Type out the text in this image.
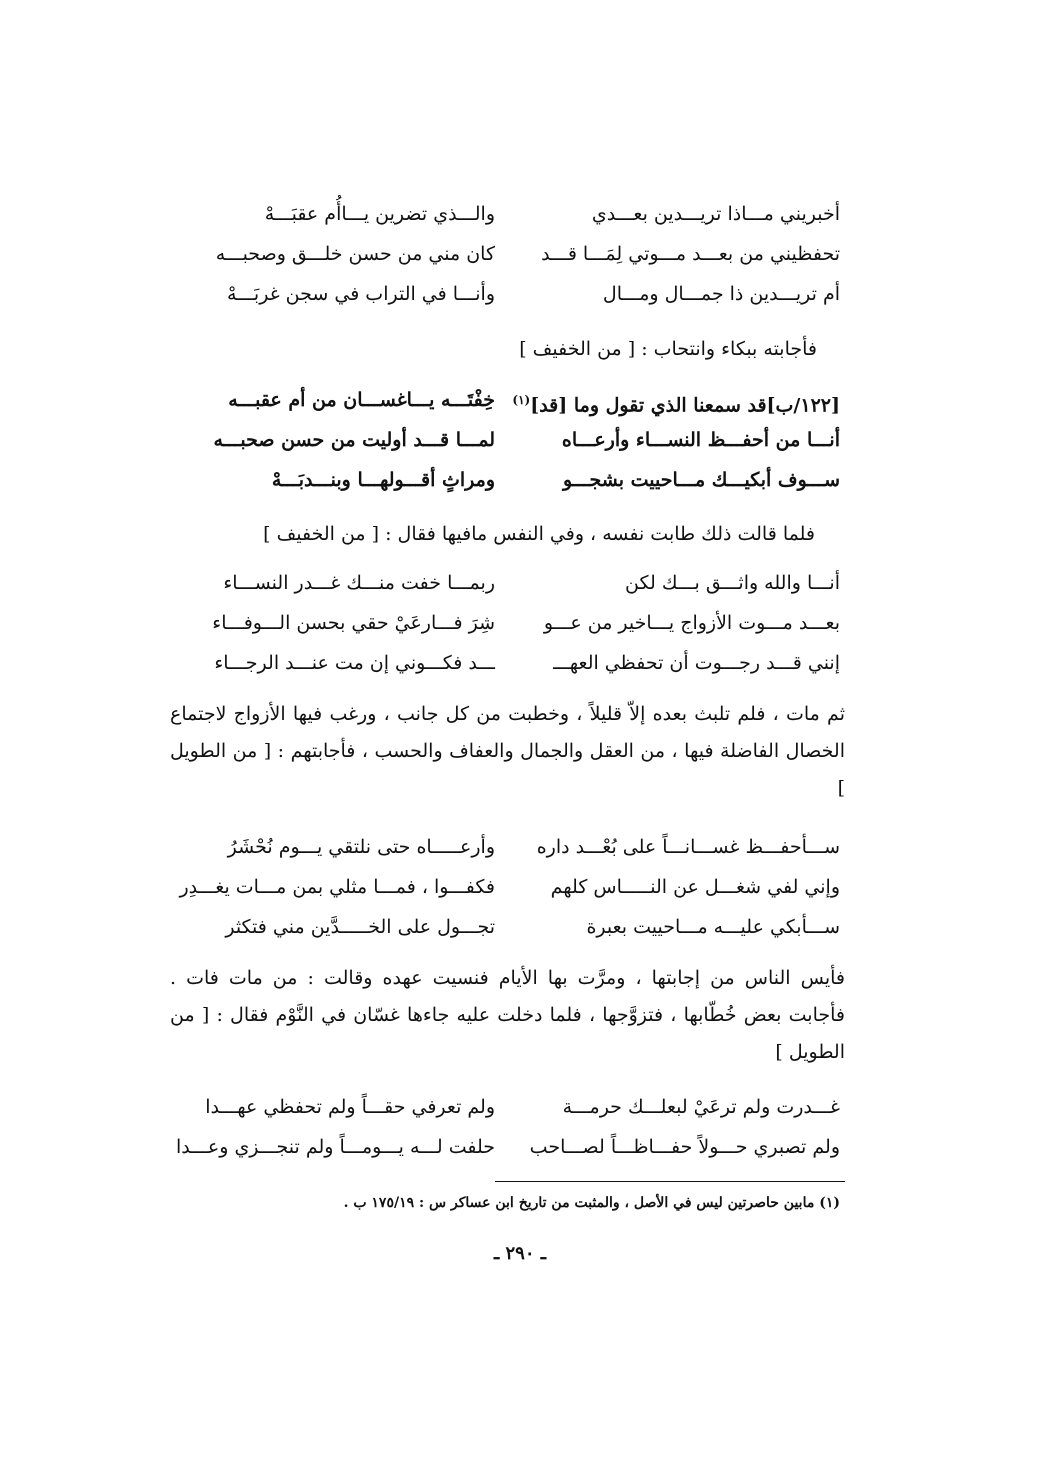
أخبريني مـــاذا تريـــدين بعـــدي
والـــذي تضرين يـــاأُم عقبَـــهْ
تحفظيني من بعـــد مـــوتي لِمَـــا قـــد
كان مني من حسن خلـــق وصحبـــه
أم تريـــدين ذا جمـــال ومـــال
وأنـــا في التراب في سجن غربَـــهْ
فأجابته ببكاء وانتحاب : [ من الخفيف ]
[١٢٢/ب]قد سمعنا الذي تقول وما [قد]$^{(١)}$
خِفْتَـــه يـــاغســـان من أم عقبـــه
أنـــا من أحفـــظ النســـاء وأرعـــاه
لمـــا قـــد أوليت من حسن صحبـــه
ســـوف أبكيـــك مـــاحييت بشجـــو
ومراثٍ أقـــولهـــا وبنـــدبَـــهْ
فلما قالت ذلك طابت نفسه ، وفي النفس مافيها فقال : [ من الخفيف ]
أنـــا والله واثـــق بـــك لكن
ربمـــا خفت منـــك غـــدر النســـاء
بعـــد مـــوت الأزواج يـــاخير من عـــو
شِرَ فـــارعَيْ حقي بحسن الـــوفـــاء
إنني قـــد رجـــوت أن تحفظي العهـــ
ـــد فكـــوني إن مت عنـــد الرجـــاء

ثم مات ، فلم تلبث بعده إلاّ قليلاً ، وخطبت من كل جانب ، ورغب فيها الأزواج لاجتماع الخصال الفاضلة فيها ، من العقل والجمال والعفاف والحسب ، فأجابتهم : [ من الطويل ]

ســـأحفـــظ غســـانـــاً على بُعْـــد داره
وأرعـــــاه حتى نلتقي يـــوم نُحْشَرُ
وإني لفي شغـــل عن النـــــاس كلهم
فكفـــوا ، فمـــا مثلي بمن مـــات يغـــدِر
ســـأبكي عليـــه مـــاحييت بعبرة
تجـــول على الخـــــدَّين مني فتكثر

فأيس الناس من إجابتها ، ومرَّت بها الأيام فنسيت عهده وقالت : من مات فات . فأجابت بعض خُطّابها ، فتزوَّجها ، فلما دخلت عليه جاءها غسّان في النَّوْم فقال : [ من الطويل ]

غـــدرت ولم ترعَيْ لبعلـــك حرمـــة
ولم تعرفي حقـــاً ولم تحفظي عهـــدا
ولم تصبري حـــولاً حفـــاظـــاً لصـــاحب
حلفت لـــه يـــومـــاً ولم تنجـــزي وعـــدا
(١) مابين حاصرتين ليس في الأصل ، والمثبت من تاريخ ابن عساكر س : ١٧٥/١٩ ب .
ـ ٢٩٠ ـ
